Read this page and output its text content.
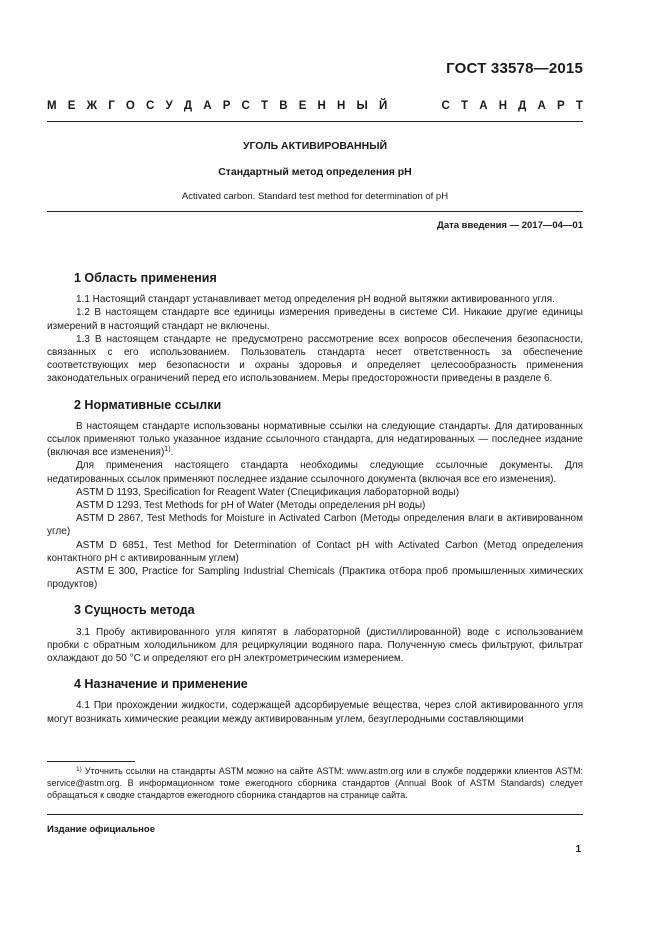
ГОСТ 33578—2015
М Е Ж Г О С У Д А Р С Т В Е Н Н Ы Й

	С Т А Н Д А Р Т
УГОЛЬ АКТИВИРОВАННЫЙ
Стандартный метод определения рН
Activated carbon. Standard test method for determination of pH
Дата введения — 2017—04—01
1 Область применения

1.1 Настоящий стандарт устанавливает метод определения рН водной вытяжки активированного угля.

1.2 В настоящем стандарте все единицы измерения приведены в системе СИ. Никакие другие единицы измерений в настоящий стандарт не включены.

1.3 В настоящем стандарте не предусмотрено рассмотрение всех вопросов обеспечения безопасности, связанных с его использованием. Пользователь стандарта несет ответственность за обеспечение соответствующих мер безопасности и охраны здоровья и определяет целесообразность применения законодательных ограничений перед его использованием. Меры предосторожности приведены в разделе 6.

2 Нормативные ссылки

В настоящем стандарте использованы нормативные ссылки на следующие стандарты. Для датированных ссылок применяют только указанное издание ссылочного стандарта, для недатированных — последнее издание (включая все изменения)$^{1)}$.

Для применения настоящего стандарта необходимы следующие ссылочные документы. Для недатированных ссылок применяют последнее издание ссылочного документа (включая все его изменения).

ASTM D 1193, Specification for Reagent Water (Спецификация лабораторной воды)

ASTM D 1293, Test Methods for pH of Water (Методы определения рН воды)

ASTM D 2867, Test Methods for Moisture in Activated Carbon (Методы определения влаги в активированном угле)

ASTM D 6851, Test Method for Determination of Contact pH with Activated Carbon (Метод определения контактного рН с активированным углем)

ASTM E 300, Practice for Sampling Industrial Chemicals (Практика отбора проб промышленных химических продуктов)

3 Сущность метода

3.1 Пробу активированного угля кипятят в лабораторной (дистиллированной) воде с использованием пробки с обратным холодильником для рециркуляции водяного пара. Полученную смесь фильтруют, фильтрат охлаждают до 50 °С и определяют его рН электрометрическим измерением.

4 Назначение и применение

4.1 При прохождении жидкости, содержащей адсорбируемые вещества, через слой активированного угля могут возникать химические реакции между активированным углем, безуглеродными составляющими

$^{1)}$ Уточнить ссылки на стандарты ASTM можно на сайте ASTM: www.astm.org или в службе поддержки клиентов ASTM: service@astm.org. В информационном томе ежегодного сборника стандартов (Annual Book of ASTM Standards) следует обращаться к сводке стандартов ежегодного сборника стандартов на странице сайта.
Издание официальное
1
